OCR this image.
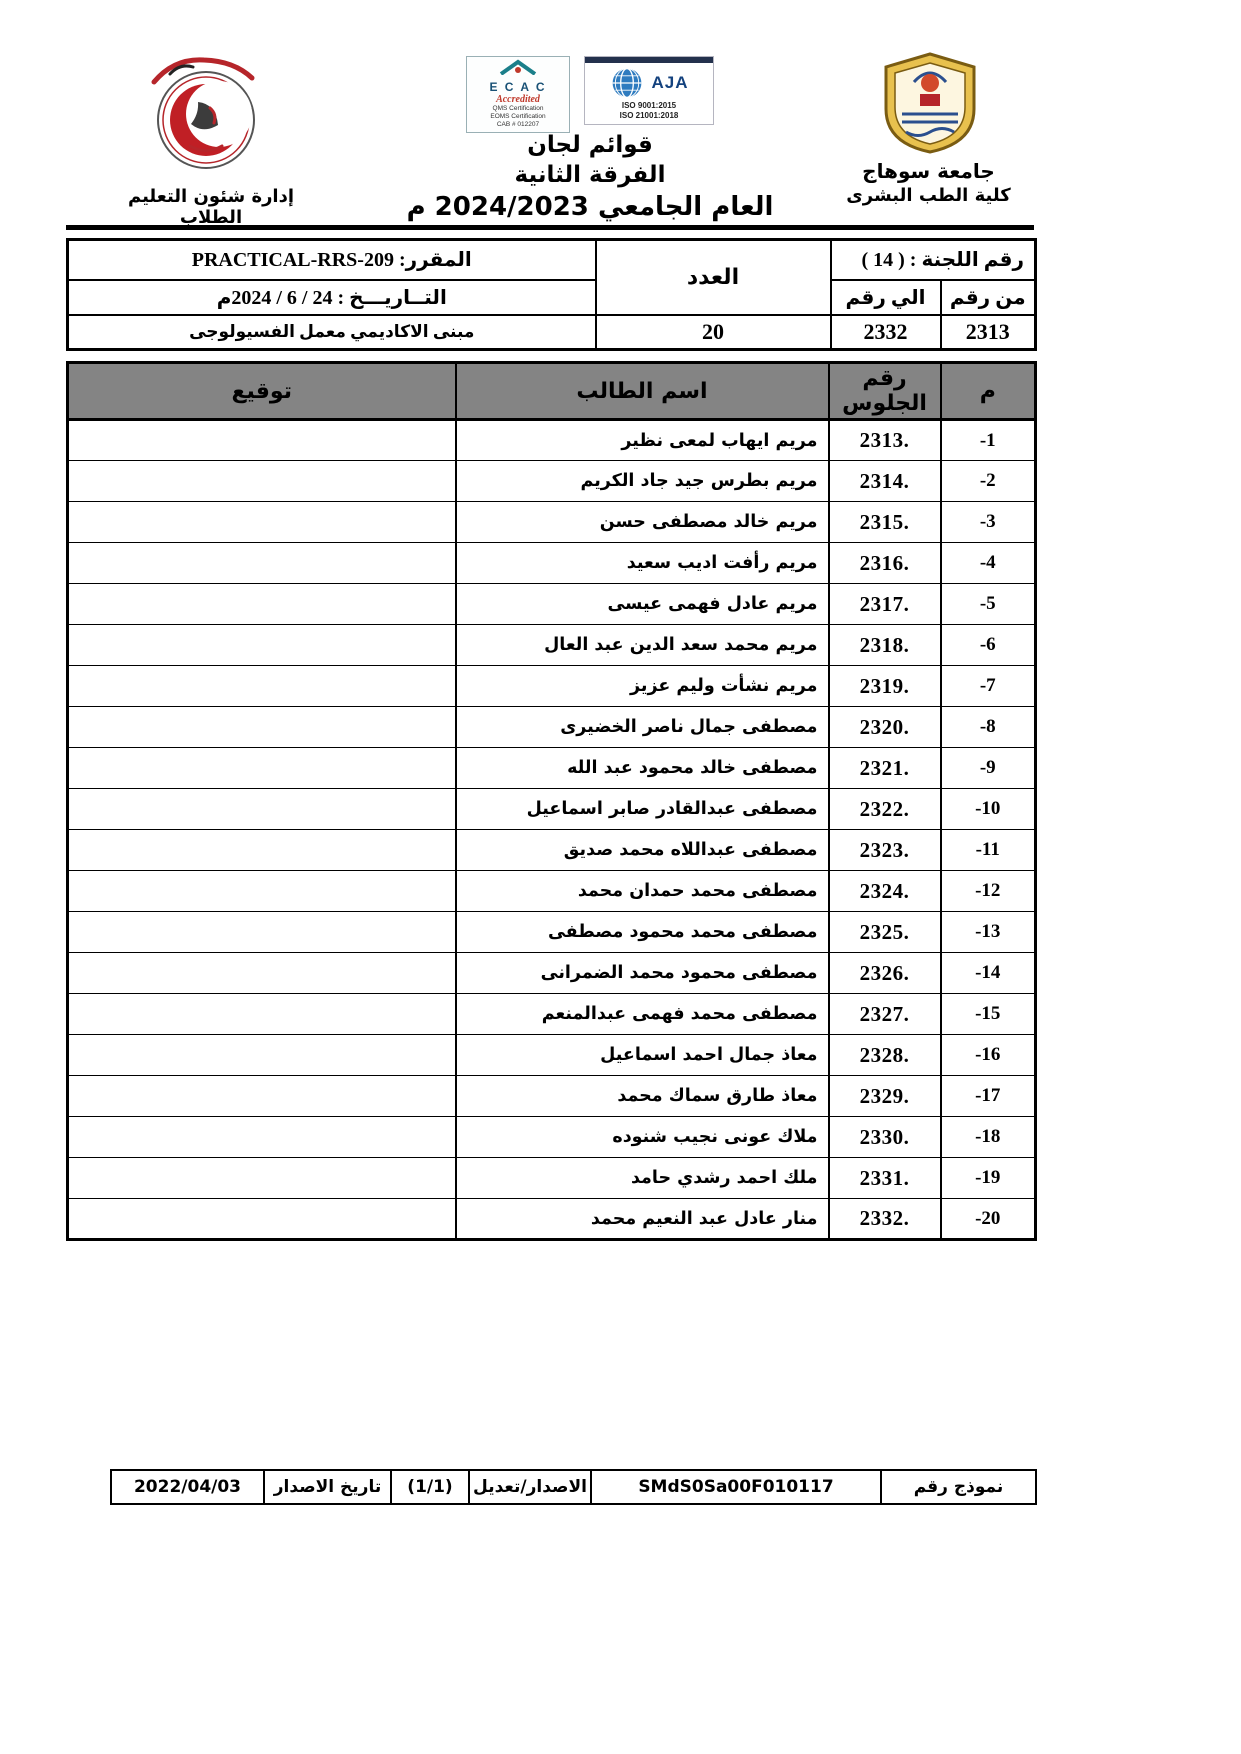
إدارة شئون التعليم الطلاب
E C A C
Accredited
QMS Certification
EOMS Certification
CAB # 012207
AJA
ISO 9001:2015
ISO 21001:2018
قوائم لجان
الفرقة الثانية
العام الجامعي 2024/2023 م
جامعة سوهاج
كلية الطب البشرى
رقم اللجنة : ( 14 )		العدد	المقرر: PRACTICAL-RRS-209
من رقم	الي رقم		التــاريـــخ : 24 / 6 / 2024م
2313	2332	20	مبنى الاكاديمي معمل الفسيولوجى
م	رقم الجلوس	اسم الطالب	توقيع
-1	2313.	مريم ايهاب لمعى نظير	
-2	2314.	مريم بطرس جيد جاد الكريم	
-3	2315.	مريم خالد مصطفى حسن	
-4	2316.	مريم رأفت اديب سعيد	
-5	2317.	مريم عادل فهمى عيسى	
-6	2318.	مريم محمد سعد الدين عبد العال	
-7	2319.	مريم نشأت وليم عزيز	
-8	2320.	مصطفى جمال ناصر الخضيرى	
-9	2321.	مصطفى خالد محمود عبد الله	
-10	2322.	مصطفى عبدالقادر صابر اسماعيل	
-11	2323.	مصطفى عبداللاه محمد صديق	
-12	2324.	مصطفى محمد حمدان محمد	
-13	2325.	مصطفى محمد محمود مصطفى	
-14	2326.	مصطفى محمود محمد الضمرانى	
-15	2327.	مصطفى محمد فهمى عبدالمنعم	
-16	2328.	معاذ جمال احمد اسماعيل	
-17	2329.	معاذ طارق سماك محمد	
-18	2330.	ملاك عونى نجيب شنوده	
-19	2331.	ملك احمد رشدي حامد	
-20	2332.	منار عادل عبد النعيم محمد	
نموذج رقم	SMdS0Sa00F010117	الاصدار/تعديل	(1/1)	تاريخ الاصدار	2022/04/03
